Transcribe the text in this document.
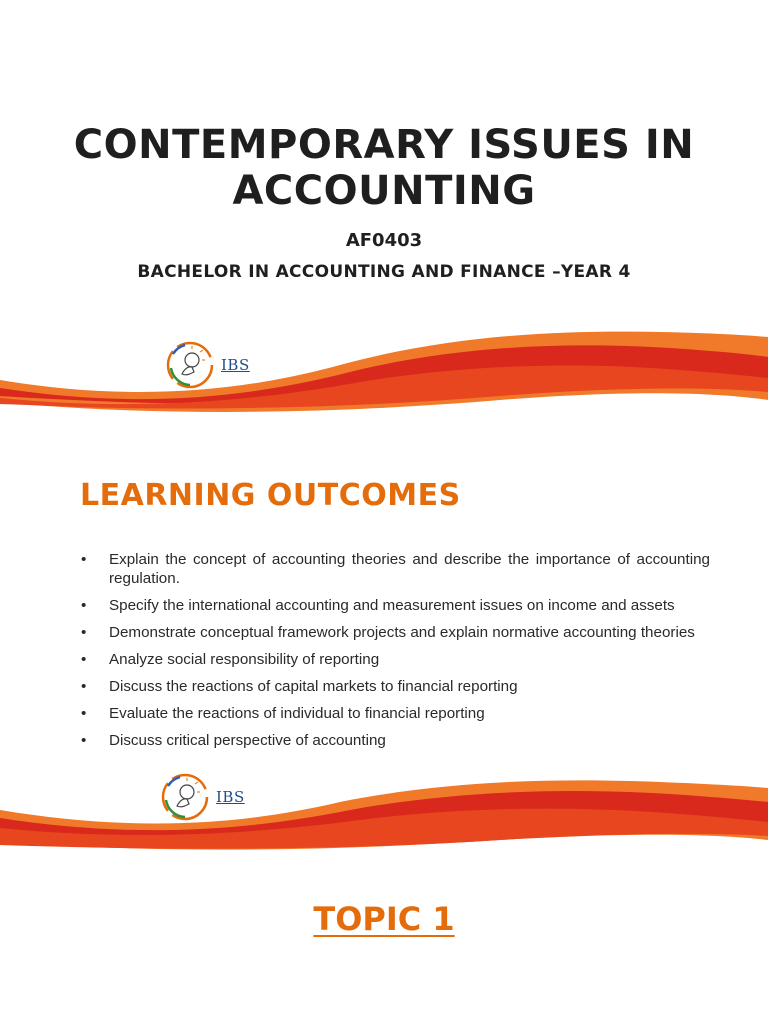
CONTEMPORARY ISSUES IN
ACCOUNTING
AF0403
BACHELOR IN ACCOUNTING AND FINANCE –YEAR 4
IBS
LEARNING OUTCOMES
• Explain the concept of accounting theories and describe the importance of accounting regulation.
• Specify the international accounting and measurement issues on income and assets
• Demonstrate conceptual framework projects and explain normative accounting theories
• Analyze social responsibility of reporting
• Discuss the reactions of capital markets to financial reporting
• Evaluate the reactions of individual to financial reporting
• Discuss critical perspective of accounting
IBS
TOPIC 1
